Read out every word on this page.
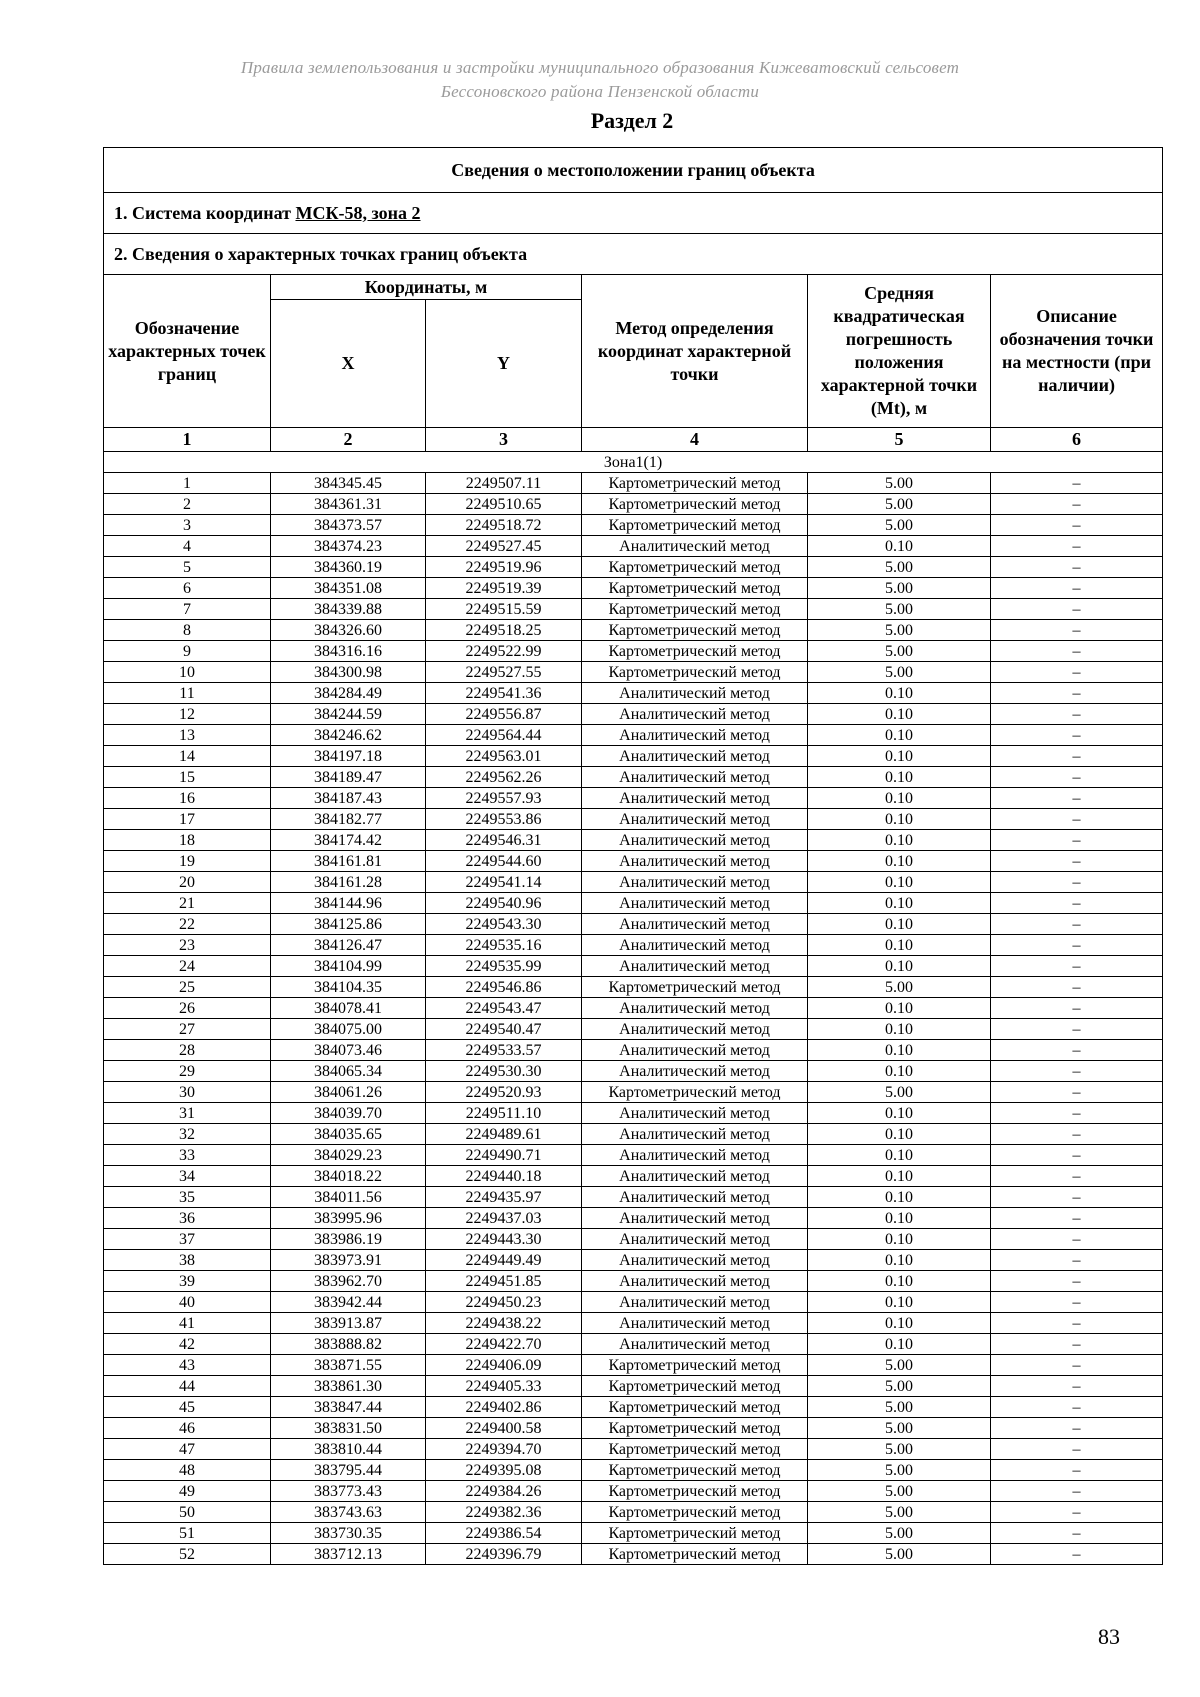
Правила землепользования и застройки муниципального образования Кижеватовский сельсовет
Бессоновского района Пензенской области
Раздел 2
Сведения о местоположении границ объекта					
1. Система координат МСК-58, зона 2					
2. Сведения о характерных точках границ объекта					
Обозначение характерных точек границ	Координаты, м		Метод определения координат характерной точки	Средняя квадратическая погрешность положения характерной точки (Mt), м	Описание обозначения точки на местности (при наличии)
	X	Y			
1	2	3	4	5	6
Зона1(1)					
1	384345.45	2249507.11	Картометрический метод	5.00	–
2	384361.31	2249510.65	Картометрический метод	5.00	–
3	384373.57	2249518.72	Картометрический метод	5.00	–
4	384374.23	2249527.45	Аналитический метод	0.10	–
5	384360.19	2249519.96	Картометрический метод	5.00	–
6	384351.08	2249519.39	Картометрический метод	5.00	–
7	384339.88	2249515.59	Картометрический метод	5.00	–
8	384326.60	2249518.25	Картометрический метод	5.00	–
9	384316.16	2249522.99	Картометрический метод	5.00	–
10	384300.98	2249527.55	Картометрический метод	5.00	–
11	384284.49	2249541.36	Аналитический метод	0.10	–
12	384244.59	2249556.87	Аналитический метод	0.10	–
13	384246.62	2249564.44	Аналитический метод	0.10	–
14	384197.18	2249563.01	Аналитический метод	0.10	–
15	384189.47	2249562.26	Аналитический метод	0.10	–
16	384187.43	2249557.93	Аналитический метод	0.10	–
17	384182.77	2249553.86	Аналитический метод	0.10	–
18	384174.42	2249546.31	Аналитический метод	0.10	–
19	384161.81	2249544.60	Аналитический метод	0.10	–
20	384161.28	2249541.14	Аналитический метод	0.10	–
21	384144.96	2249540.96	Аналитический метод	0.10	–
22	384125.86	2249543.30	Аналитический метод	0.10	–
23	384126.47	2249535.16	Аналитический метод	0.10	–
24	384104.99	2249535.99	Аналитический метод	0.10	–
25	384104.35	2249546.86	Картометрический метод	5.00	–
26	384078.41	2249543.47	Аналитический метод	0.10	–
27	384075.00	2249540.47	Аналитический метод	0.10	–
28	384073.46	2249533.57	Аналитический метод	0.10	–
29	384065.34	2249530.30	Аналитический метод	0.10	–
30	384061.26	2249520.93	Картометрический метод	5.00	–
31	384039.70	2249511.10	Аналитический метод	0.10	–
32	384035.65	2249489.61	Аналитический метод	0.10	–
33	384029.23	2249490.71	Аналитический метод	0.10	–
34	384018.22	2249440.18	Аналитический метод	0.10	–
35	384011.56	2249435.97	Аналитический метод	0.10	–
36	383995.96	2249437.03	Аналитический метод	0.10	–
37	383986.19	2249443.30	Аналитический метод	0.10	–
38	383973.91	2249449.49	Аналитический метод	0.10	–
39	383962.70	2249451.85	Аналитический метод	0.10	–
40	383942.44	2249450.23	Аналитический метод	0.10	–
41	383913.87	2249438.22	Аналитический метод	0.10	–
42	383888.82	2249422.70	Аналитический метод	0.10	–
43	383871.55	2249406.09	Картометрический метод	5.00	–
44	383861.30	2249405.33	Картометрический метод	5.00	–
45	383847.44	2249402.86	Картометрический метод	5.00	–
46	383831.50	2249400.58	Картометрический метод	5.00	–
47	383810.44	2249394.70	Картометрический метод	5.00	–
48	383795.44	2249395.08	Картометрический метод	5.00	–
49	383773.43	2249384.26	Картометрический метод	5.00	–
50	383743.63	2249382.36	Картометрический метод	5.00	–
51	383730.35	2249386.54	Картометрический метод	5.00	–
52	383712.13	2249396.79	Картометрический метод	5.00	–
83
